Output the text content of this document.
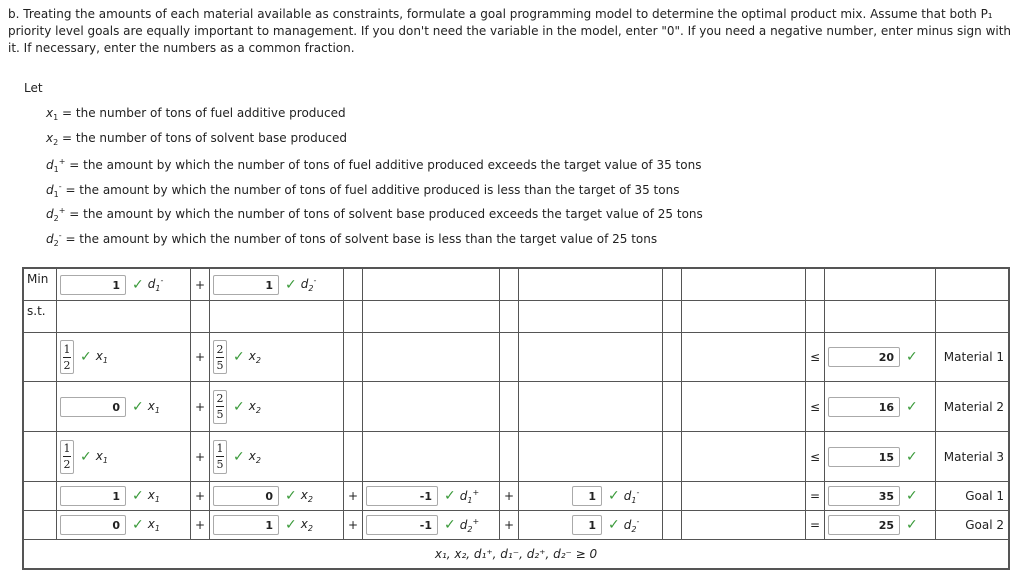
b. Treating the amounts of each material available as constraints, formulate a goal programming model to determine the optimal product mix. Assume that both P₁ priority level goals are equally important to management. If you don't need the variable in the model, enter "0". If you need a negative number, enter minus sign with it. If necessary, enter the numbers as a common fraction.
Let
$x_1$ = the number of tons of fuel additive produced
$x_2$ = the number of tons of solvent base produced
$d_1^+$ = the amount by which the number of tons of fuel additive produced exceeds the target value of 35 tons
$d_1^-$ = the amount by which the number of tons of fuel additive produced is less than the target of 35 tons
$d_2^+$ = the amount by which the number of tons of solvent base produced exceeds the target value of 25 tons
$d_2^-$ = the amount by which the number of tons of solvent base is less than the target value of 25 tons
Min	1 ✓ $d_1^-$	+	1 ✓ $d_2^-$

s.t.												

	$\frac{1}{2}$ ✓ $x_1$	+	$\frac{2}{5}$ ✓ $x_2$							≤	20 ✓	Material 1

	0 ✓ $x_1$	+	$\frac{2}{5}$ ✓ $x_2$							≤	16 ✓	Material 2

	$\frac{1}{2}$ ✓ $x_1$	+	$\frac{1}{5}$ ✓ $x_2$							≤	15 ✓	Material 3

	1 ✓ $x_1$	+	0 ✓ $x_2$	+	-1 ✓ $d_1^+$	+	1 ✓ $d_1^-$			=	35 ✓	Goal 1

	0 ✓ $x_1$	+	1 ✓ $x_2$	+	-1 ✓ $d_2^+$	+	1 ✓ $d_2^-$			=	25 ✓	Goal 2
x₁, x₂, d₁⁺, d₁⁻, d₂⁺, d₂⁻ ≥ 0												
